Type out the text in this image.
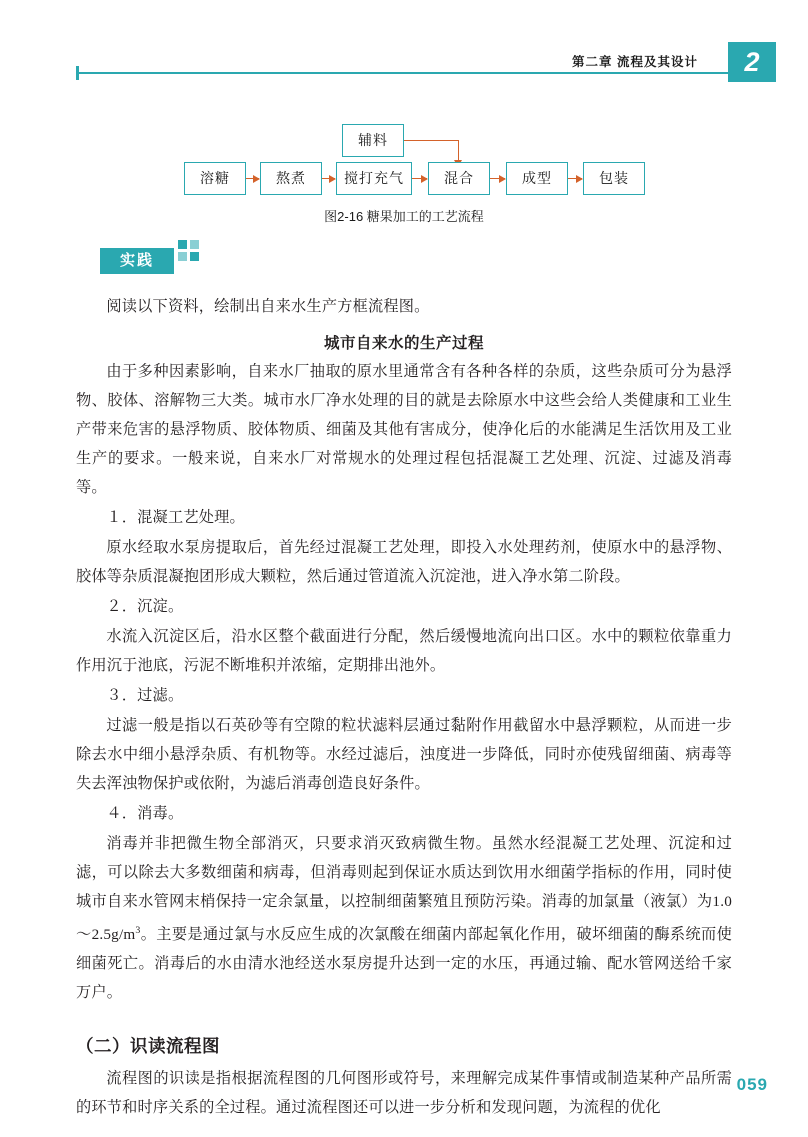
第二章 流程及其设计	2
辅料
溶糖	熬煮	搅打充气	混合	成型	包装
图2-16 糖果加工的工艺流程
实践

阅读以下资料，绘制出自来水生产方框流程图。

城市自来水的生产过程

由于多种因素影响，自来水厂抽取的原水里通常含有各种各样的杂质，这些杂质可分为悬浮物、胶体、溶解物三大类。城市水厂净水处理的目的就是去除原水中这些会给人类健康和工业生产带来危害的悬浮物质、胶体物质、细菌及其他有害成分，使净化后的水能满足生活饮用及工业生产的要求。一般来说，自来水厂对常规水的处理过程包括混凝工艺处理、沉淀、过滤及消毒等。

１．混凝工艺处理。

原水经取水泵房提取后，首先经过混凝工艺处理，即投入水处理药剂，使原水中的悬浮物、胶体等杂质混凝抱团形成大颗粒，然后通过管道流入沉淀池，进入净水第二阶段。

２．沉淀。

水流入沉淀区后，沿水区整个截面进行分配，然后缓慢地流向出口区。水中的颗粒依靠重力作用沉于池底，污泥不断堆积并浓缩，定期排出池外。

３．过滤。

过滤一般是指以石英砂等有空隙的粒状滤料层通过黏附作用截留水中悬浮颗粒，从而进一步除去水中细小悬浮杂质、有机物等。水经过滤后，浊度进一步降低，同时亦使残留细菌、病毒等失去浑浊物保护或依附，为滤后消毒创造良好条件。

４．消毒。

消毒并非把微生物全部消灭，只要求消灭致病微生物。虽然水经混凝工艺处理、沉淀和过滤，可以除去大多数细菌和病毒，但消毒则起到保证水质达到饮用水细菌学指标的作用，同时使城市自来水管网末梢保持一定余氯量，以控制细菌繁殖且预防污染。消毒的加氯量（液氯）为$1.0\sim 2.5g/m^3$。主要是通过氯与水反应生成的次氯酸在细菌内部起氧化作用，破坏细菌的酶系统而使细菌死亡。消毒后的水由清水池经送水泵房提升达到一定的水压，再通过输、配水管网送给千家万户。

（二）识读流程图

流程图的识读是指根据流程图的几何图形或符号，来理解完成某件事情或制造某种产品所需的环节和时序关系的全过程。通过流程图还可以进一步分析和发现问题，为流程的优化

059
